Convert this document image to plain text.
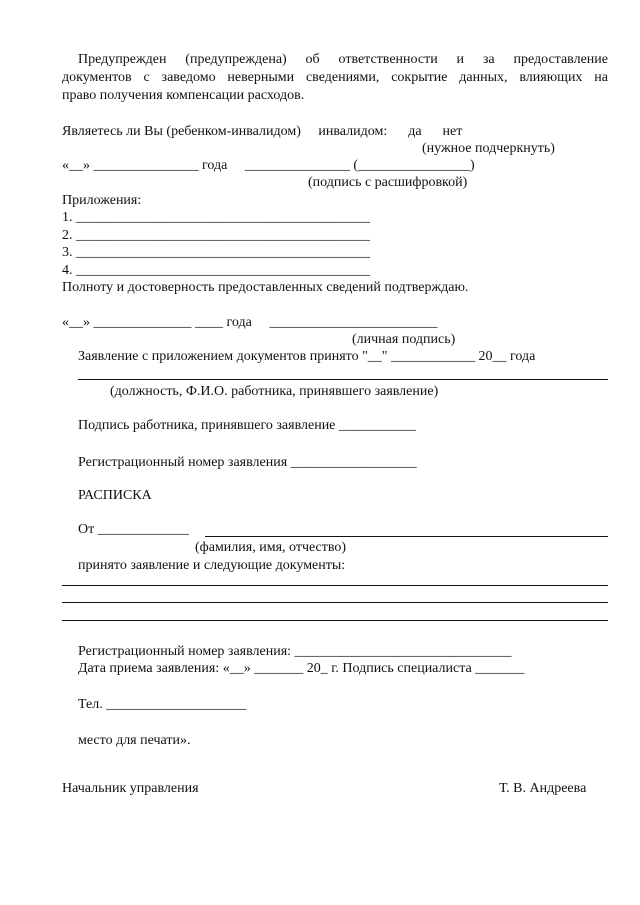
Предупрежден (предупреждена) об ответственности и за предоставление
документов с заведомо неверными сведениями, сокрытие данных, влияющих на
право получения компенсации расходов.
Являетесь ли Вы (ребенком-инвалидом)     инвалидом:      да      нет
(нужное подчеркнуть)
«__» _______________ года     _______________ (________________)
(подпись с расшифровкой)
Приложения:
1. __________________________________________
2. __________________________________________
3. __________________________________________
4. __________________________________________
Полноту и достоверность предоставленных сведений подтверждаю.
«__» ______________ ____ года     ________________________
(личная подпись)
Заявление с приложением документов принято "__" ____________ 20__ года
(должность, Ф.И.О. работника, принявшего заявление)
Подпись работника, принявшего заявление ___________
Регистрационный номер заявления __________________
РАСПИСКА
От _____________
(фамилия, имя, отчество)
принято заявление и следующие документы:
Регистрационный номер заявления: _______________________________
Дата приема заявления: «__» _______ 20_ г. Подпись специалиста _______
Тел. ____________________
место для печати».
Начальник управления	Т. В. Андреева
